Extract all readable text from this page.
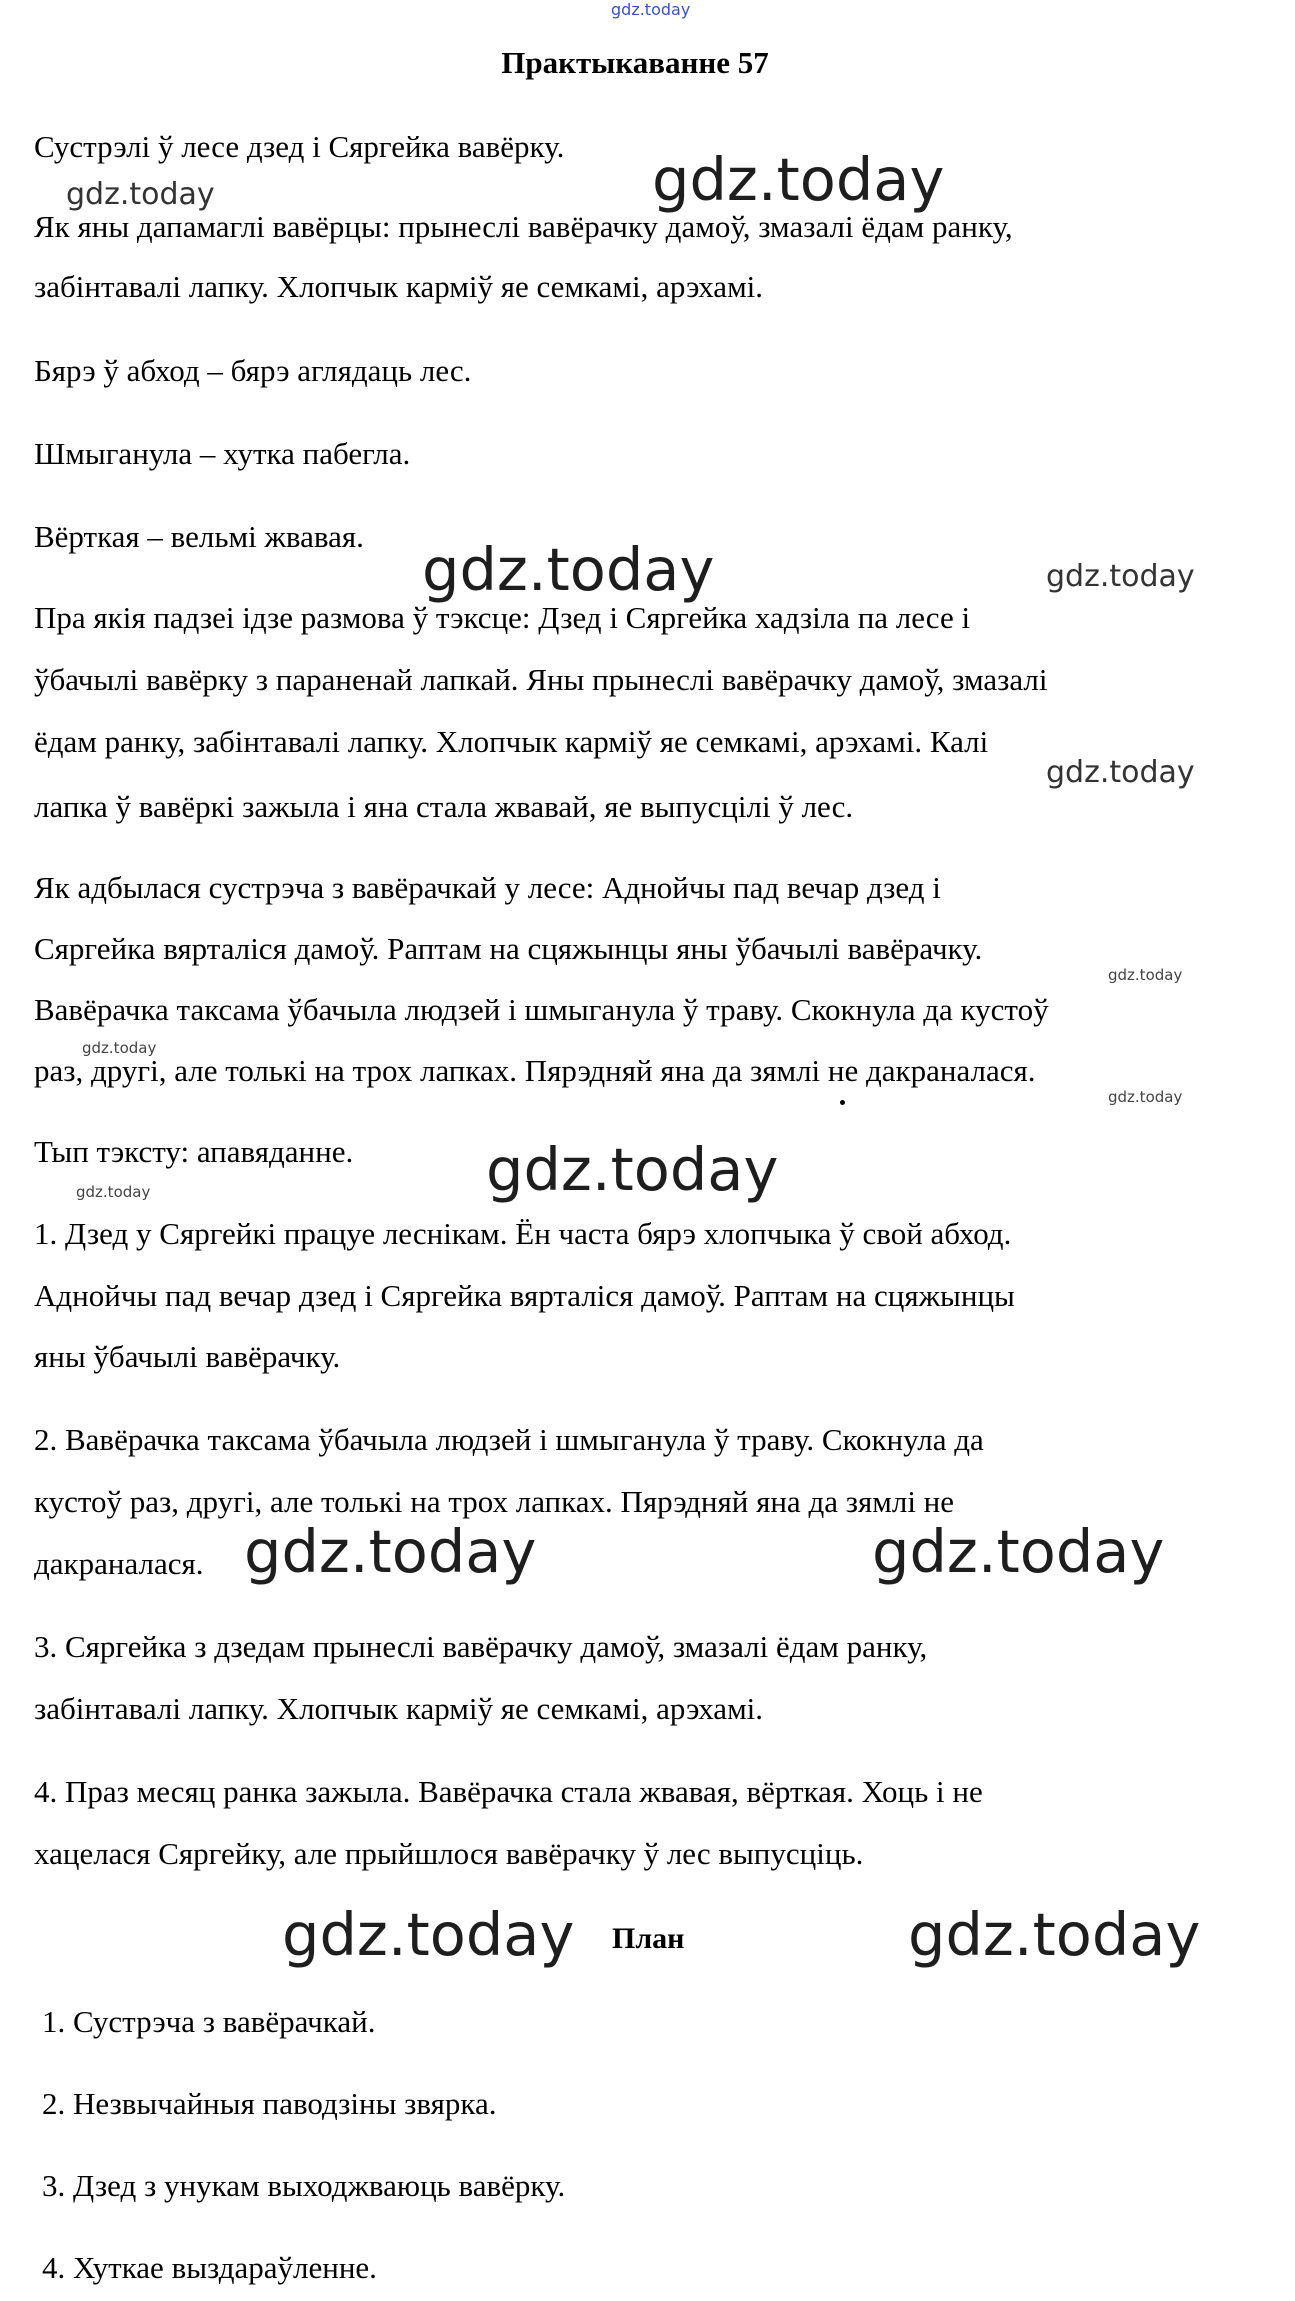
gdz.today
Практыкаванне 57
Сустрэлі ў лесе дзед і Сяргейка вавёрку.
gdz.today	gdz.today
Як яны дапамаглі вавёрцы: прынеслі вавёрачку дамоў, змазалі ёдам ранку,
забінтавалі лапку. Хлопчык карміў яе семкамі, арэхамі.
Бярэ ў абход – бярэ аглядаць лес.
Шмыганула – хутка пабегла.
Вёрткая – вельмі жвавая. gdz.today	gdz.today
Пра якія падзеі ідзе размова ў тэксце: Дзед і Сяргейка хадзіла па лесе і
ўбачылі вавёрку з параненай лапкай. Яны прынеслі вавёрачку дамоў, змазалі
ёдам ранку, забінтавалі лапку. Хлопчык карміў яе семкамі, арэхамі. Калі
gdz.today
лапка ў вавёркі зажыла і яна стала жвавай, яе выпусцілі ў лес.
Як адбылася сустрэча з вавёрачкай у лесе: Аднойчы пад вечар дзед і
Сяргейка вярталіся дамоў. Раптам на сцяжынцы яны ўбачылі вавёрачку.
gdz.today
Вавёрачка таксама ўбачыла людзей і шмыганула ў траву. Скокнула да кустоў
gdz.today
раз, другі, але толькі на трох лапках. Пярэдняй яна да зямлі не дакраналася.
gdz.today
Тып тэксту: апавяданне. gdz.today
gdz.today
1. Дзед у Сяргейкі працуе леснікам. Ён часта бярэ хлопчыка ў свой абход.
Аднойчы пад вечар дзед і Сяргейка вярталіся дамоў. Раптам на сцяжынцы
яны ўбачылі вавёрачку.
2. Вавёрачка таксама ўбачыла людзей і шмыганула ў траву. Скокнула да
кустоў раз, другі, але толькі на трох лапках. Пярэдняй яна да зямлі не
дакраналася. gdz.today	gdz.today
3. Сяргейка з дзедам прынеслі вавёрачку дамоў, змазалі ёдам ранку,
забінтавалі лапку. Хлопчык карміў яе семкамі, арэхамі.
4. Праз месяц ранка зажыла. Вавёрачка стала жвавая, вёрткая. Хоць і не
хацелася Сяргейку, але прыйшлося вавёрачку ў лес выпусціць.
gdz.today План	gdz.today
1. Сустрэча з вавёрачкай.
2. Незвычайныя паводзіны звярка.
3. Дзед з унукам выходжваюць вавёрку.
4. Хуткае выздараўленне.
